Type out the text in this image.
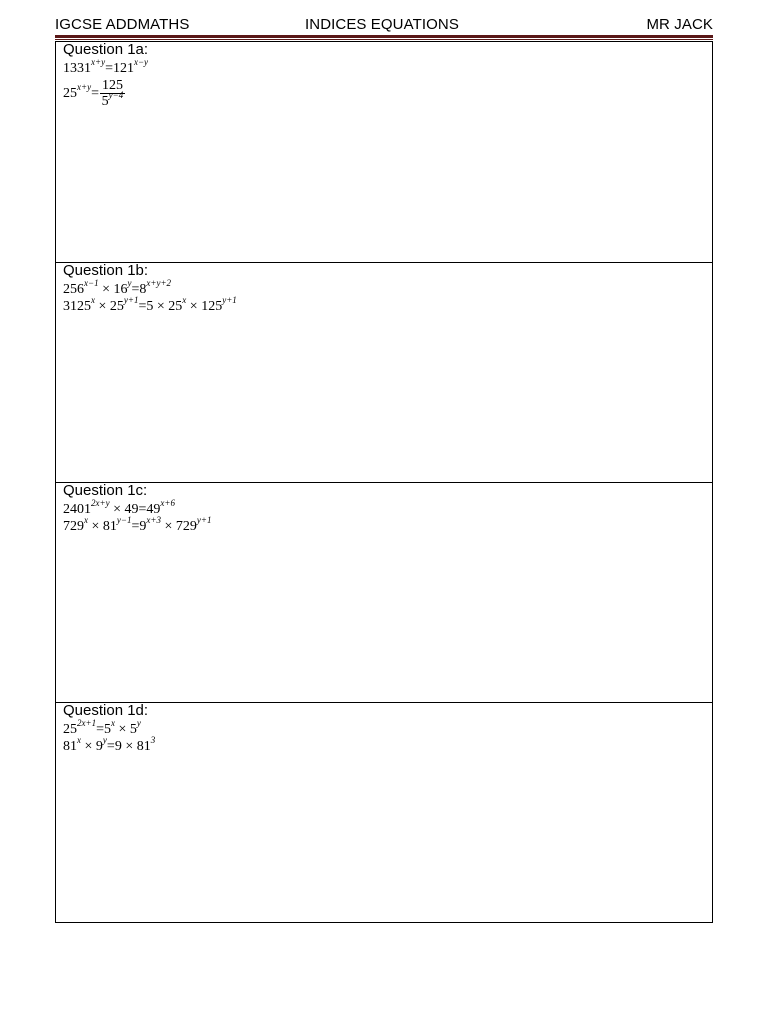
IGCSE ADDMATHS	INDICES EQUATIONS	MR JACK
Question 1a:
$1331^{x+y}=121^{x-y}$
$25^{x+y}= \frac{125}{5^{y-4}}$
Question 1b:
$256^{x-1} \times 16^y=8^{x+y+2}$
$3125^x \times 25^{y+1}=5 \times 25^x \times 125^{y+1}$
Question 1c:
$2401^{2x+y} \times 49=49^{x+6}$
$729^x \times 81^{y-1}=9^{x+3} \times 729^{y+1}$
Question 1d:
$25^{2x+1}=5^x \times 5^y$
$81^x \times 9^y=9 \times 81^3$
